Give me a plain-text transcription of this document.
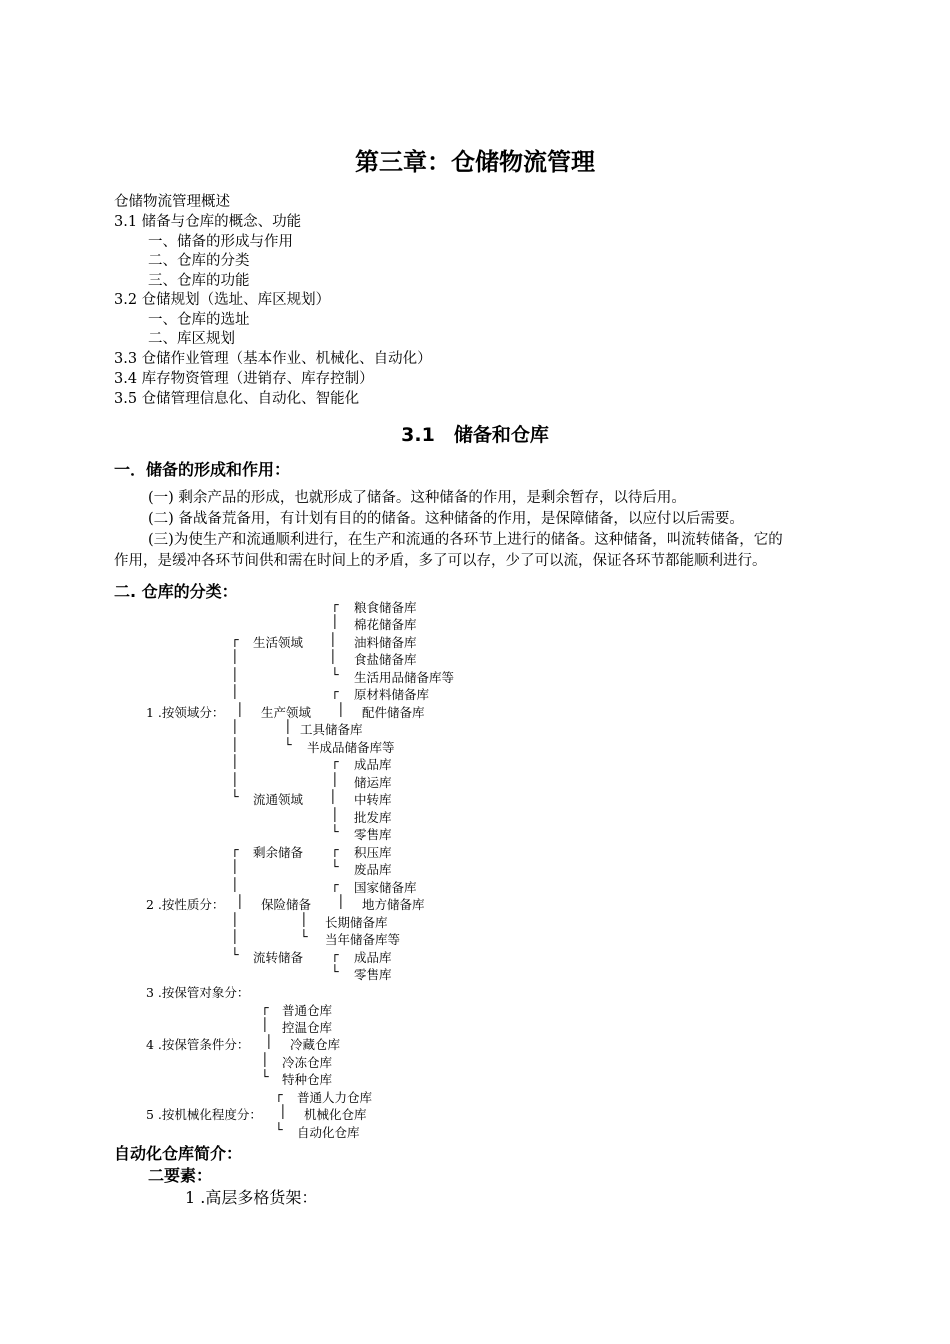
第三章：仓储物流管理
仓储物流管理概述
3.1 储备与仓库的概念、功能
一、储备的形成与作用
二、仓库的分类
三、仓库的功能
3.2 仓储规划（选址、库区规划）
一、仓库的选址
二、库区规划
3.3 仓储作业管理（基本作业、机械化、自动化）
3.4 库存物资管理（进销存、库存控制）
3.5 仓储管理信息化、自动化、智能化
3.1　储备和仓库
一．储备的形成和作用：
(一) 剩余产品的形成，也就形成了储备。这种储备的作用，是剩余暂存，以待后用。
(二) 备战备荒备用，有计划有目的的储备。这种储备的作用，是保障储备，以应付以后需要。
(三)为使生产和流通顺利进行，在生产和流通的各环节上进行的储备。这种储备，叫流转储备，它的
作用，是缓冲各环节间供和需在时间上的矛盾，多了可以存，少了可以流，保证各环节都能顺利进行。
二. 仓库的分类：
┌ 粮食储备库
│ 棉花储备库
┌ 生活领域 │ 油料储备库
│	│ 食盐储备库
│	└ 生活用品储备库等
│	┌ 原材料储备库
1 .按领域分： │ 生产领域 │ 配件储备库
│	│ 工具储备库
│	└ 半成品储备库等
│	┌ 成品库
│	│ 储运库
└ 流通领域 │ 中转库
│ 批发库
└ 零售库
┌ 剩余储备 ┌ 积压库
│	└ 废品库
│	┌ 国家储备库
2 .按性质分： │ 保险储备 │ 地方储备库
│	│ 长期储备库
│	└ 当年储备库等
└ 流转储备 ┌ 成品库
└ 零售库
3 .按保管对象分：
┌ 普通仓库
│ 控温仓库
4 .按保管条件分： │ 冷藏仓库
│ 冷冻仓库
└ 特种仓库
┌ 普通人力仓库
5 .按机械化程度分： │ 机械化仓库
└ 自动化仓库
自动化仓库简介：
二要素：
1 .高层多格货架：
